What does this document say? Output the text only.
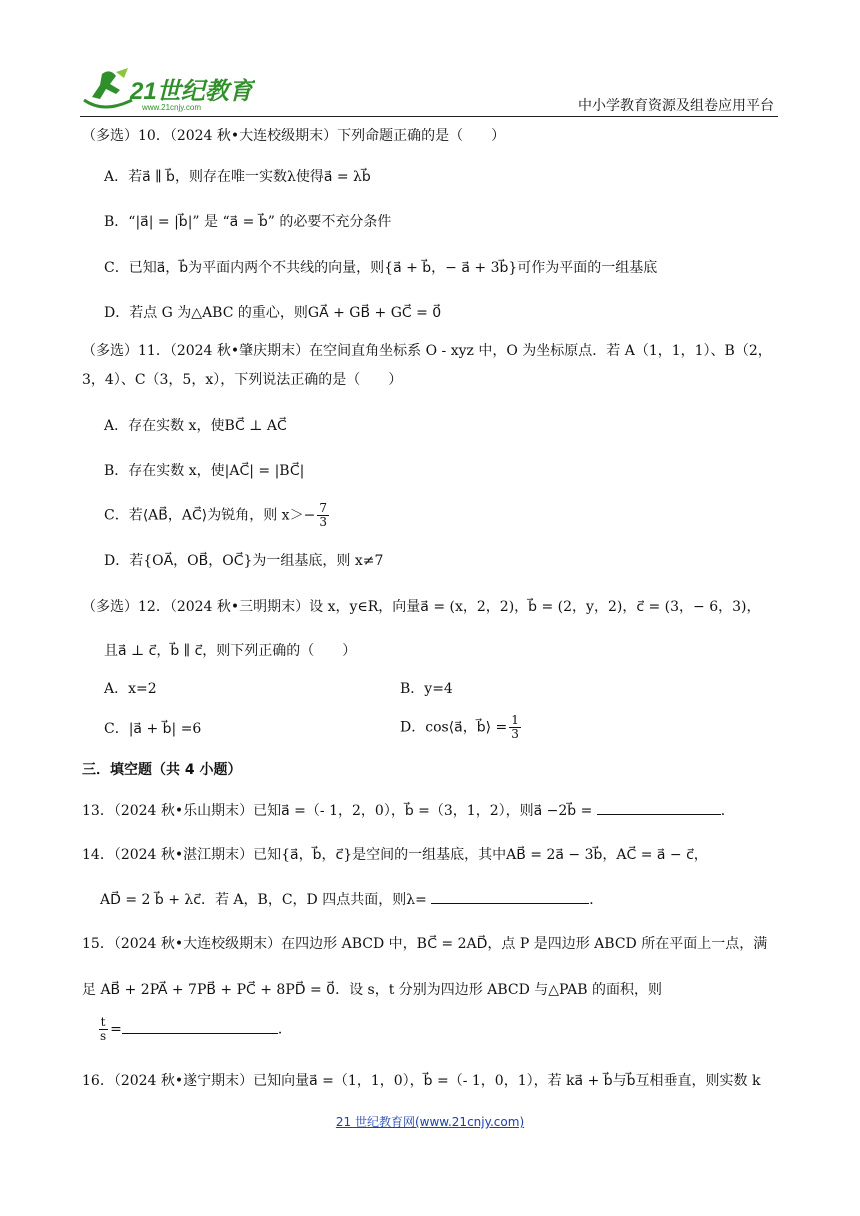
21世纪教育
www.21cnjy.com	中小学教育资源及组卷应用平台
（多选）10．（2024 秋•大连校级期末）下列命题正确的是（　　）
A．若a⃗ ∥ b⃗，则存在唯一实数λ使得a⃗ = λb⃗
B．“|a⃗| = |b⃗|” 是 “a⃗ = b⃗” 的必要不充分条件
C．已知a⃗，b⃗为平面内两个不共线的向量，则{a⃗ + b⃗，− a⃗ + 3b⃗}可作为平面的一组基底
D．若点 G 为△ABC 的重心，则GA⃗ + GB⃗ + GC⃗ = 0⃗
（多选）11．（2024 秋•肇庆期末）在空间直角坐标系 O - xyz 中，O 为坐标原点．若 A（1，1，1）、B（2，
3，4）、C（3，5，x），下列说法正确的是（　　）
A．存在实数 x，使BC⃗ ⊥ AC⃗
B．存在实数 x，使|AC⃗| = |BC⃗|
C．若⟨AB⃗，AC⃗⟩为锐角，则 $x>- \frac{7}{3}$
D．若{OA⃗，OB⃗，OC⃗}为一组基底，则 x≠7
（多选）12．（2024 秋•三明期末）设 x，y∈R，向量a⃗ = (x，2，2)，b⃗ = (2，y，2)，c⃗ = (3，− 6，3)，
且a⃗ ⊥ c⃗，b⃗ ∥ c⃗，则下列正确的（　　）
A．x=2	B．y=4
C．|a⃗ + b⃗| =6	D．cos⟨a⃗，b⃗⟩ = $\frac{1}{3}$
三．填空题（共 4 小题）
13．（2024 秋•乐山期末）已知a⃗ =（- 1，2，0），b⃗ =（3，1，2），则a⃗ −2b⃗ =	．
14．（2024 秋•湛江期末）已知{a⃗，b⃗，c⃗}是空间的一组基底，其中AB⃗ = 2a⃗ − 3b⃗，AC⃗ = a⃗ − c⃗，
AD⃗ = 2 b⃗ + λc⃗．若 A，B，C，D 四点共面，则λ=	．
15．（2024 秋•大连校级期末）在四边形 ABCD 中，BC⃗ = 2AD⃗，点 P 是四边形 ABCD 所在平面上一点，满
足 AB⃗ + 2PA⃗ + 7PB⃗ + PC⃗ + 8PD⃗ = 0⃗．设 s，t 分别为四边形 ABCD 与△PAB 的面积，则
$\frac{t}{s}$ =	．
16．（2024 秋•遂宁期末）已知向量a⃗ =（1，1，0），b⃗ =（- 1，0，1），若 ka⃗ + b⃗与b⃗互相垂直，则实数 k
21 世纪教育网(www.21cnjy.com)
